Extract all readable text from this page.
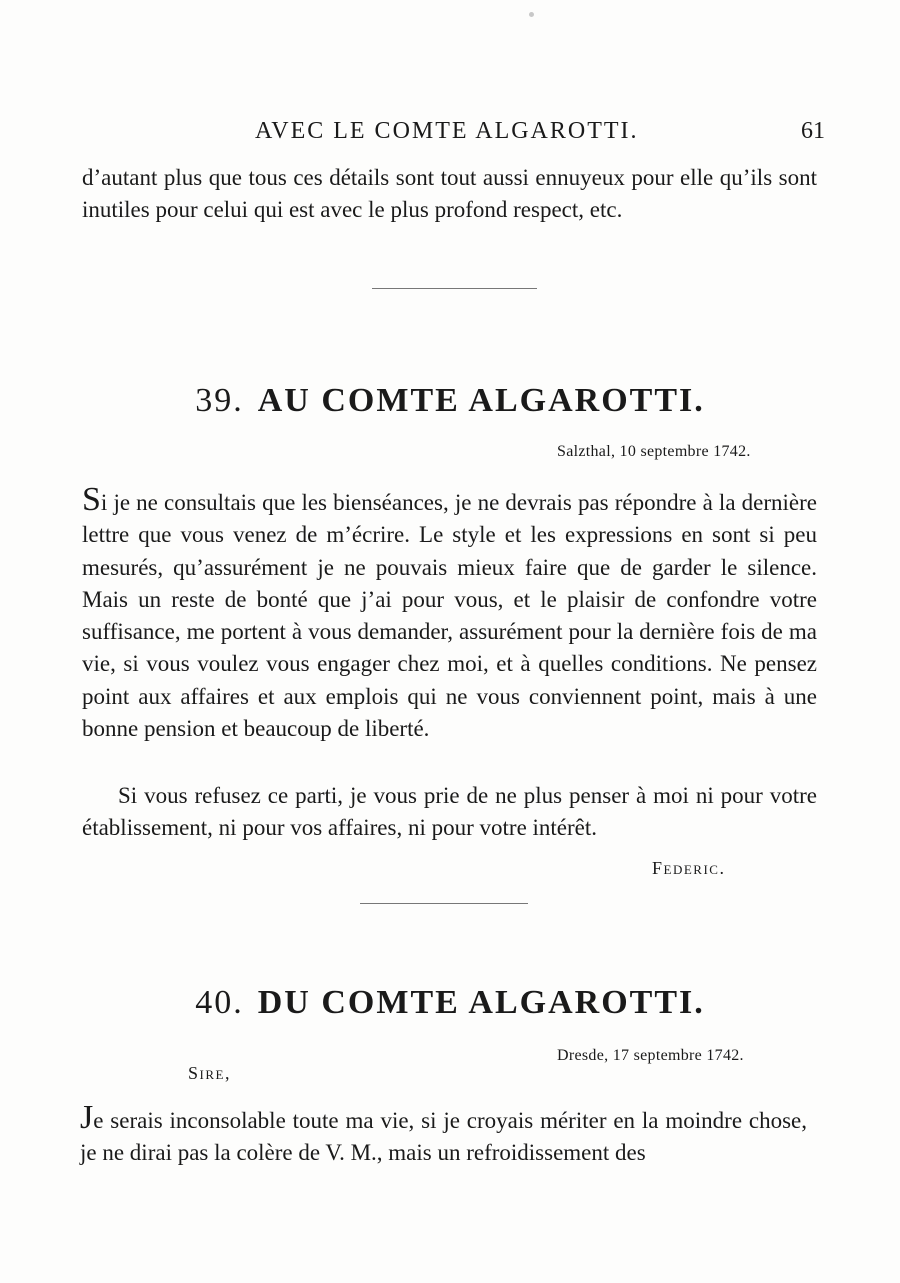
AVEC LE COMTE ALGAROTTI.	61

d’autant plus que tous ces détails sont tout aussi ennuyeux pour elle qu’ils sont inutiles pour celui qui est avec le plus profond respect, etc.

39. AU COMTE ALGAROTTI.
Salzthal, 10 septembre 1742.

Si je ne consultais que les bienséances, je ne devrais pas répondre à la dernière lettre que vous venez de m’écrire. Le style et les expressions en sont si peu mesurés, qu’assurément je ne pouvais mieux faire que de garder le silence. Mais un reste de bonté que j’ai pour vous, et le plaisir de confondre votre suffisance, me portent à vous demander, assurément pour la dernière fois de ma vie, si vous voulez vous engager chez moi, et à quelles conditions. Ne pensez point aux affaires et aux emplois qui ne vous conviennent point, mais à une bonne pension et beaucoup de liberté.

Si vous refusez ce parti, je vous prie de ne plus penser à moi ni pour votre établissement, ni pour vos affaires, ni pour votre intérêt.

Federic.
40. DU COMTE ALGAROTTI.
Dresde, 17 septembre 1742.
Sire,

Je serais inconsolable toute ma vie, si je croyais mériter en la moindre chose, je ne dirai pas la colère de V. M., mais un refroidissement des
